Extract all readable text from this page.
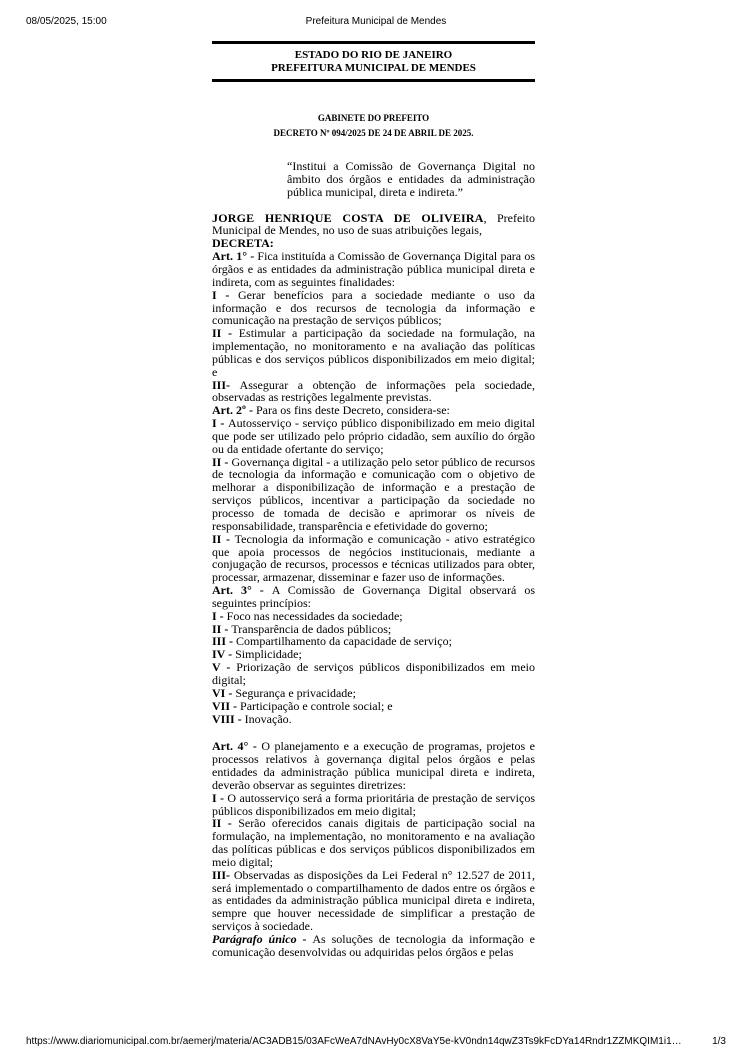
08/05/2025, 15:00	Prefeitura Municipal de Mendes
ESTADO DO RIO DE JANEIRO
PREFEITURA MUNICIPAL DE MENDES
GABINETE DO PREFEITO
DECRETO Nº 094/2025 DE 24 DE ABRIL DE 2025.
“Institui a Comissão de Governança Digital no âmbito dos órgãos e entidades da administração pública municipal, direta e indireta.”

JORGE HENRIQUE COSTA DE OLIVEIRA, Prefeito Municipal de Mendes, no uso de suas atribuições legais,

DECRETA:

Art. 1° - Fica instituída a Comissão de Governança Digital para os órgãos e as entidades da administração pública municipal direta e indireta, com as seguintes finalidades:

I - Gerar benefícios para a sociedade mediante o uso da informação e dos recursos de tecnologia da informação e comunicação na prestação de serviços públicos;

II - Estimular a participação da sociedade na formulação, na implementação, no monitoramento e na avaliação das políticas públicas e dos serviços públicos disponibilizados em meio digital; e

III- Assegurar a obtenção de informações pela sociedade, observadas as restrições legalmente previstas.

Art. 2º - Para os fins deste Decreto, considera-se:

I - Autosserviço - serviço público disponibilizado em meio digital que pode ser utilizado pelo próprio cidadão, sem auxílio do órgão ou da entidade ofertante do serviço;

II - Governança digital - a utilização pelo setor público de recursos de tecnologia da informação e comunicação com o objetivo de melhorar a disponibilização de informação e a prestação de serviços públicos, incentivar a participação da sociedade no processo de tomada de decisão e aprimorar os níveis de responsabilidade, transparência e efetividade do governo;

II - Tecnologia da informação e comunicação - ativo estratégico que apoia processos de negócios institucionais, mediante a conjugação de recursos, processos e técnicas utilizados para obter, processar, armazenar, disseminar e fazer uso de informações.

Art. 3° - A Comissão de Governança Digital observará os seguintes princípios:

I - Foco nas necessidades da sociedade;

II - Transparência de dados públicos;

III - Compartilhamento da capacidade de serviço;

IV - Simplicidade;

V - Priorização de serviços públicos disponibilizados em meio digital;

VI - Segurança e privacidade;

VII - Participação e controle social; e

VIII - Inovação.

Art. 4° - O planejamento e a execução de programas, projetos e processos relativos à governança digital pelos órgãos e pelas entidades da administração pública municipal direta e indireta, deverão observar as seguintes diretrizes:

I - O autosserviço será a forma prioritária de prestação de serviços públicos disponibilizados em meio digital;

II - Serão oferecidos canais digitais de participação social na formulação, na implementação, no monitoramento e na avaliação das políticas públicas e dos serviços públicos disponibilizados em meio digital;

III- Observadas as disposições da Lei Federal n° 12.527 de 2011, será implementado o compartilhamento de dados entre os órgãos e as entidades da administração pública municipal direta e indireta, sempre que houver necessidade de simplificar a prestação de serviços à sociedade.

Parágrafo único - As soluções de tecnologia da informação e comunicação desenvolvidas ou adquiridas pelos órgãos e pelas

https://www.diariomunicipal.com.br/aemerj/materia/AC3ADB15/03AFcWeA7dNAvHy0cX8VaY5e-kV0ndn14qwZ3Ts9kFcDYa14Rndr1ZZMKQIM1i1…	1/3
